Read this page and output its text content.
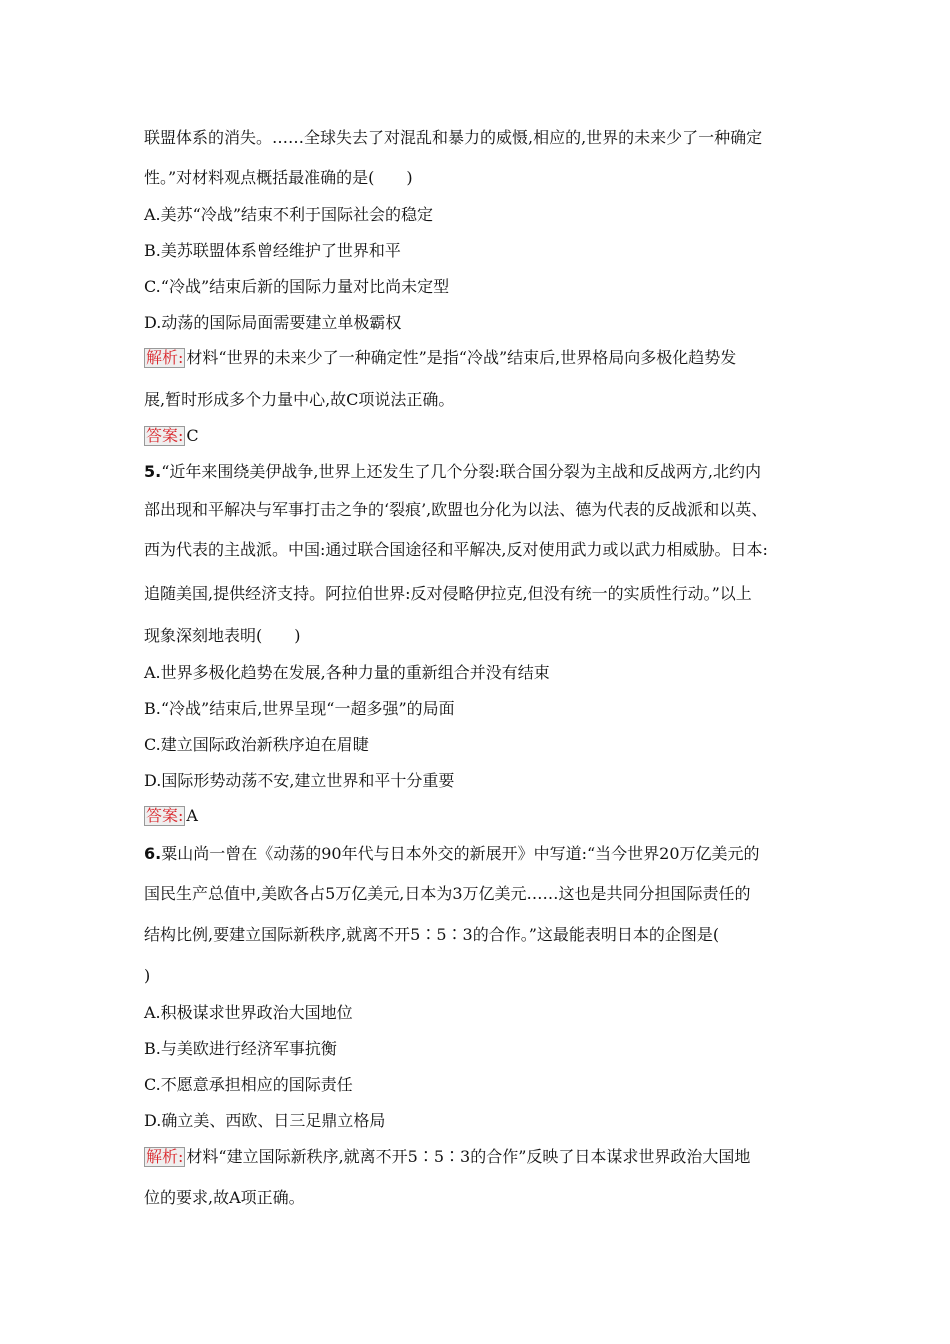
联盟体系的消失。……全球失去了对混乱和暴力的威慑,相应的,世界的未来少了一种确定
性。”对材料观点概括最准确的是(　　)
A.美苏“冷战”结束不利于国际社会的稳定
B.美苏联盟体系曾经维护了世界和平
C.“冷战”结束后新的国际力量对比尚未定型
D.动荡的国际局面需要建立单极霸权
解析: 材料“世界的未来少了一种确定性”是指“冷战”结束后,世界格局向多极化趋势发
展,暂时形成多个力量中心,故C项说法正确。
答案: C
5.“近年来围绕美伊战争,世界上还发生了几个分裂:联合国分裂为主战和反战两方,北约内
部出现和平解决与军事打击之争的‘裂痕’,欧盟也分化为以法、德为代表的反战派和以英、
西为代表的主战派。中国:通过联合国途径和平解决,反对使用武力或以武力相威胁。日本:
追随美国,提供经济支持。阿拉伯世界:反对侵略伊拉克,但没有统一的实质性行动。”以上
现象深刻地表明(　　)
A.世界多极化趋势在发展,各种力量的重新组合并没有结束
B.“冷战”结束后,世界呈现“一超多强”的局面
C.建立国际政治新秩序迫在眉睫
D.国际形势动荡不安,建立世界和平十分重要
答案: A
6.粟山尚一曾在《动荡的90年代与日本外交的新展开》中写道:“当今世界20万亿美元的
国民生产总值中,美欧各占5万亿美元,日本为3万亿美元……这也是共同分担国际责任的
结构比例,要建立国际新秩序,就离不开5∶5∶3的合作。”这最能表明日本的企图是(
)
A.积极谋求世界政治大国地位
B.与美欧进行经济军事抗衡
C.不愿意承担相应的国际责任
D.确立美、西欧、日三足鼎立格局
解析: 材料“建立国际新秩序,就离不开5∶5∶3的合作”反映了日本谋求世界政治大国地
位的要求,故A项正确。
